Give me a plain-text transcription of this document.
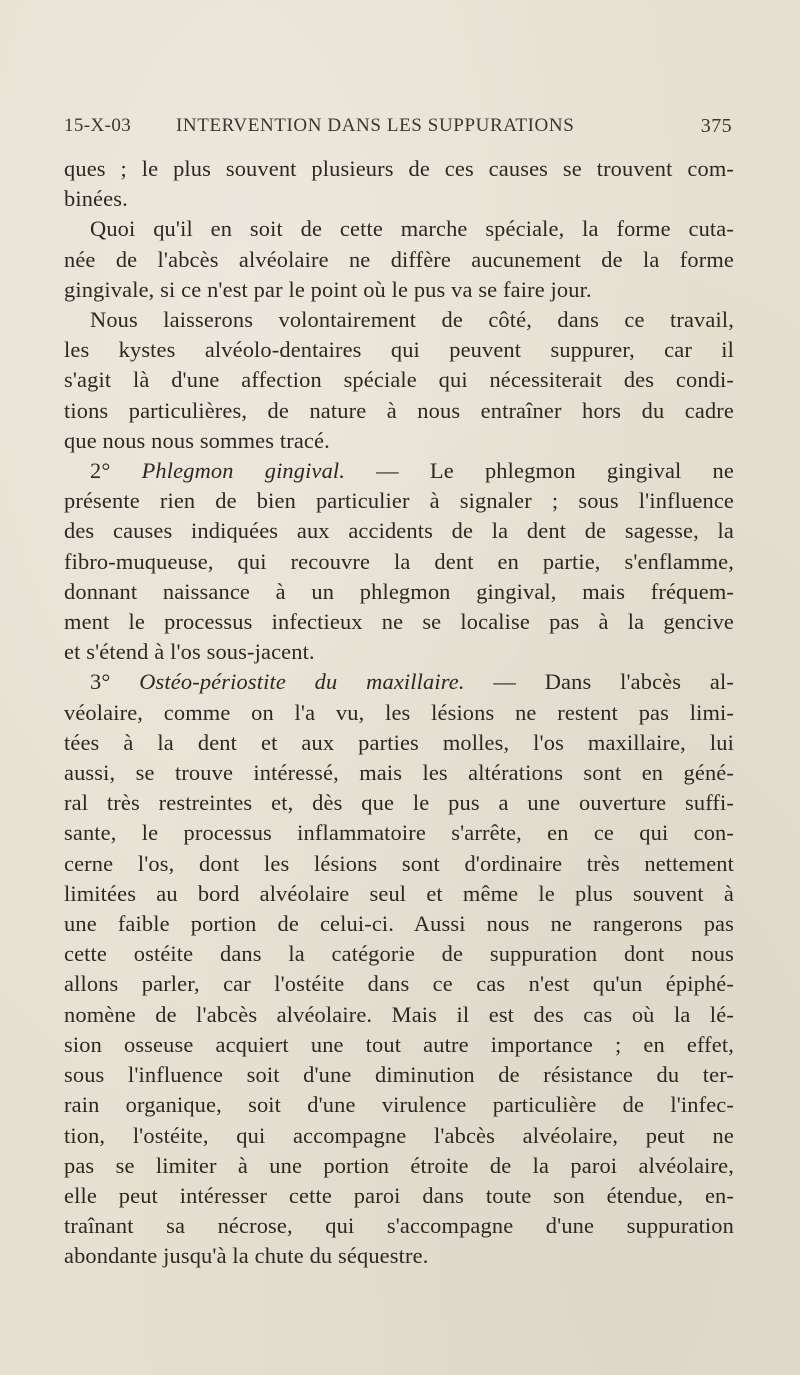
15-X-03 INTERVENTION DANS LES SUPPURATIONS	375
ques ; le plus souvent plusieurs de ces causes se trouvent com-
binées.
Quoi qu'il en soit de cette marche spéciale, la forme cuta-
née de l'abcès alvéolaire ne diffère aucunement de la forme
gingivale, si ce n'est par le point où le pus va se faire jour.
Nous laisserons volontairement de côté, dans ce travail,
les kystes alvéolo-dentaires qui peuvent suppurer, car il
s'agit là d'une affection spéciale qui nécessiterait des condi-
tions particulières, de nature à nous entraîner hors du cadre
que nous nous sommes tracé.
2° Phlegmon gingival. — Le phlegmon gingival ne
présente rien de bien particulier à signaler ; sous l'influence
des causes indiquées aux accidents de la dent de sagesse, la
fibro-muqueuse, qui recouvre la dent en partie, s'enflamme,
donnant naissance à un phlegmon gingival, mais fréquem-
ment le processus infectieux ne se localise pas à la gencive
et s'étend à l'os sous-jacent.
3° Ostéo-périostite du maxillaire. — Dans l'abcès al-
véolaire, comme on l'a vu, les lésions ne restent pas limi-
tées à la dent et aux parties molles, l'os maxillaire, lui
aussi, se trouve intéressé, mais les altérations sont en géné-
ral très restreintes et, dès que le pus a une ouverture suffi-
sante, le processus inflammatoire s'arrête, en ce qui con-
cerne l'os, dont les lésions sont d'ordinaire très nettement
limitées au bord alvéolaire seul et même le plus souvent à
une faible portion de celui-ci. Aussi nous ne rangerons pas
cette ostéite dans la catégorie de suppuration dont nous
allons parler, car l'ostéite dans ce cas n'est qu'un épiphé-
nomène de l'abcès alvéolaire. Mais il est des cas où la lé-
sion osseuse acquiert une tout autre importance ; en effet,
sous l'influence soit d'une diminution de résistance du ter-
rain organique, soit d'une virulence particulière de l'infec-
tion, l'ostéite, qui accompagne l'abcès alvéolaire, peut ne
pas se limiter à une portion étroite de la paroi alvéolaire,
elle peut intéresser cette paroi dans toute son étendue, en-
traînant sa nécrose, qui s'accompagne d'une suppuration
abondante jusqu'à la chute du séquestre.
